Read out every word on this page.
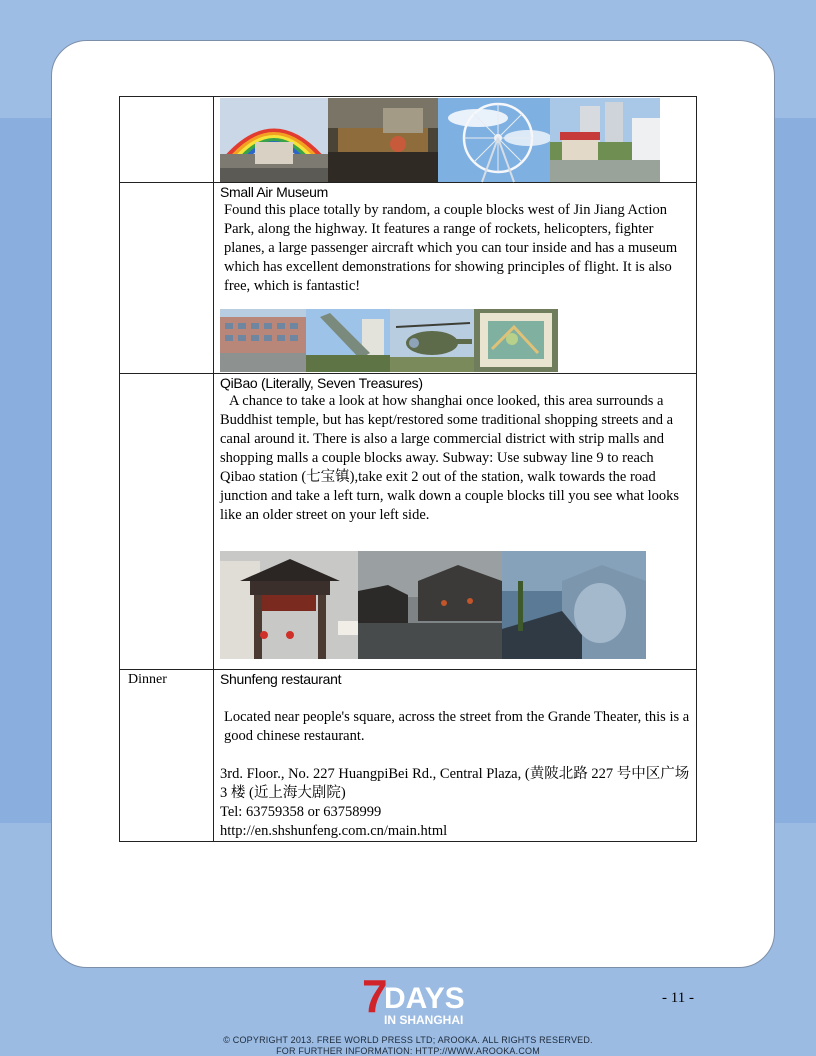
	Small Air Museum

Found this place totally by random, a couple blocks west of Jin Jiang Action Park, along the highway. It features a range of rockets, helicopters, fighter planes, a large passenger aircraft which you can tour inside and has a museum which has excellent demonstrations for showing principles of flight. It is also free, which is fantastic!

	QiBao (Literally, Seven Treasures)

A chance to take a look at how shanghai once looked, this area surrounds a Buddhist temple, but has kept/restored some traditional shopping streets and a canal around it. There is also a large commercial district with strip malls and shopping malls a couple blocks away. Subway: Use subway line 9 to reach Qibao station (七宝镇),take exit 2 out of the station, walk towards the road junction and take a left turn, walk down a couple blocks till you see what looks like an older street on your left side.

Dinner	Shunfeng restaurant

Located near people's square, across the street from the Grande Theater, this is a good chinese restaurant.

3rd. Floor., No. 227 HuangpiBei Rd., Central Plaza, (黄陂北路 227 号中区广场 3 楼 (近上海大剧院)

Tel: 63759358 or 63758999

http://en.shshunfeng.com.cn/main.html

7
DAYS
IN SHANGHAI
- 11 -
© COPYRIGHT 2013. FREE WORLD PRESS LTD; AROOKA. ALL RIGHTS RESERVED.
FOR FURTHER INFORMATION: HTTP://WWW.AROOKA.COM
